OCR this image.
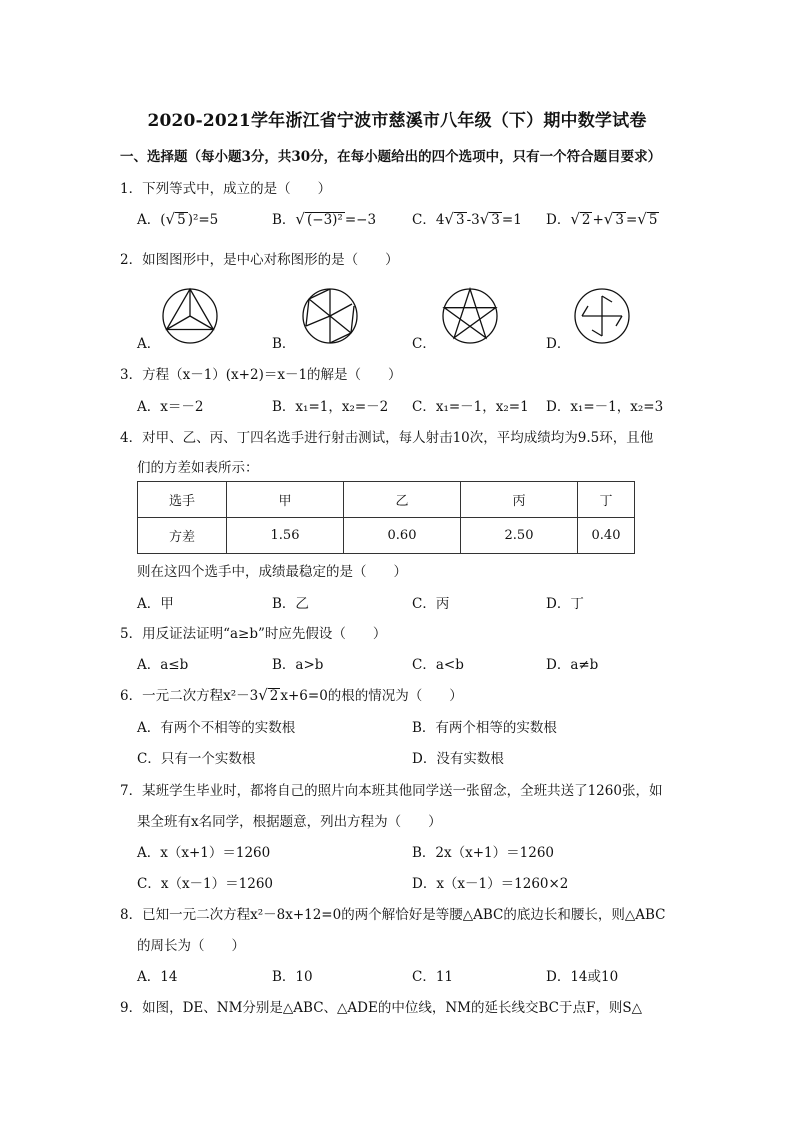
2020-2021学年浙江省宁波市慈溪市八年级（下）期中数学试卷
一、选择题（每小题3分，共30分，在每小题给出的四个选项中，只有一个符合题目要求）
1．下列等式中，成立的是（　　）
A．(√ 5 )²=5	B．√ (−3)² =−3	C．4√ 3 -3√ 3 =1 D．√ 2 +√ 3 =√ 5
2．如图图形中，是中心对称图形的是（　　）
A．	B．	C．	D．
3．方程（x－1）(x+2)＝x－1的解是（　　）
A．x＝－2	B．x₁=1，x₂=－2 C．x₁=－1，x₂=1 D．x₁=－1，x₂=3
4．对甲、乙、丙、丁四名选手进行射击测试，每人射击10次，平均成绩均为9.5环，且他
们的方差如表所示：
选手	甲	乙	丙	丁
方差	1.56	0.60	2.50	0.40
则在这四个选手中，成绩最稳定的是（　　）
A．甲	B．乙	C．丙	D．丁
5．用反证法证明“a≥b”时应先假设（　　）
A．a≤b	B．a>b	C．a<b	D．a≠b
6．一元二次方程x²－3√ 2 x+6=0的根的情况为（　　）
A．有两个不相等的实数根	B．有两个相等的实数根
C．只有一个实数根	D．没有实数根
7．某班学生毕业时，都将自己的照片向本班其他同学送一张留念，全班共送了1260张，如
果全班有x名同学，根据题意，列出方程为（　　）
A．x（x+1）＝1260	B．2x（x+1）＝1260
C．x（x－1）＝1260	D．x（x－1）＝1260×2
8．已知一元二次方程x²－8x+12=0的两个解恰好是等腰△ABC的底边长和腰长，则△ABC
的周长为（　　）
A．14	B．10	C．11	D．14或10
9．如图，DE、NM分别是△ABC、△ADE的中位线，NM的延长线交BC于点F，则S△
